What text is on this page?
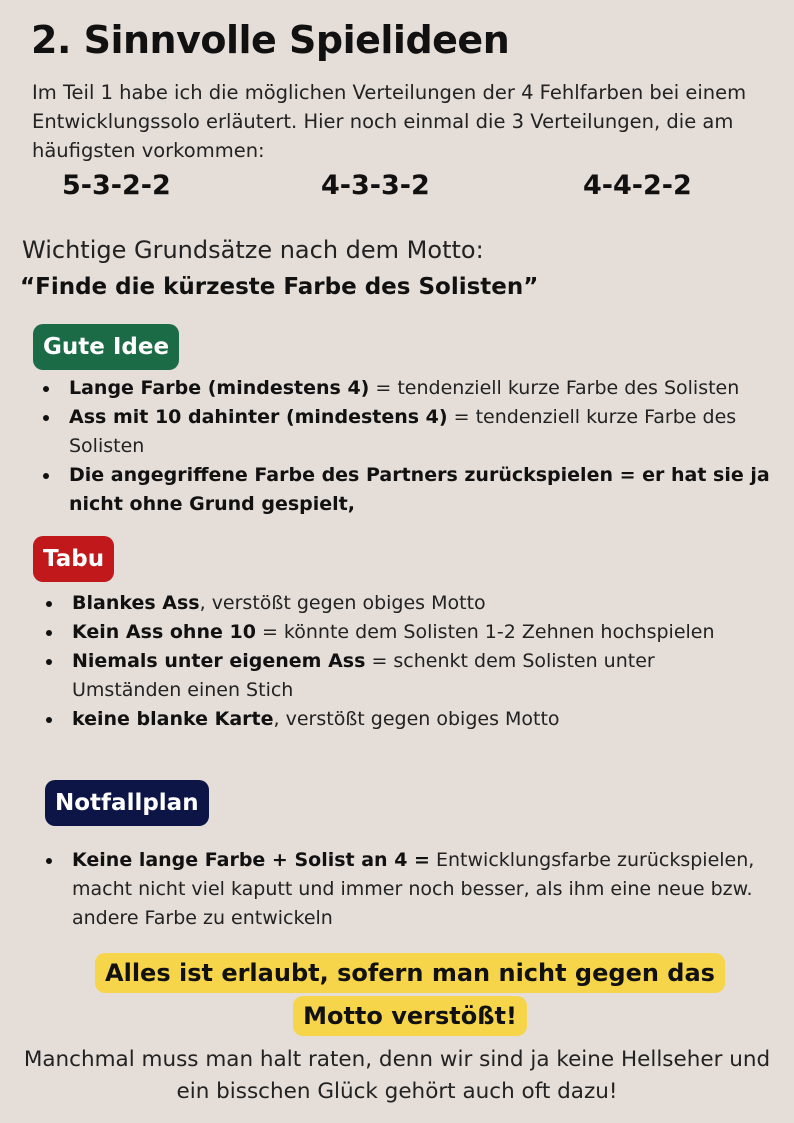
2. Sinnvolle Spielideen

Im Teil 1 habe ich die möglichen Verteilungen der 4 Fehlfarben bei einem Entwicklungssolo erläutert. Hier noch einmal die 3 Verteilungen, die am häufigsten vorkommen:

5-3-2-2	4-3-3-2	4-4-2-2
Wichtige Grundsätze nach dem Motto:
“Finde die kürzeste Farbe des Solisten”
Gute Idee
Lange Farbe (mindestens 4) = tendenziell kurze Farbe des Solisten
Ass mit 10 dahinter (mindestens 4) = tendenziell kurze Farbe des Solisten
Die angegriffene Farbe des Partners zurückspielen = er hat sie ja nicht ohne Grund gespielt,
Tabu
Blankes Ass, verstößt gegen obiges Motto
Kein Ass ohne 10 = könnte dem Solisten 1-2 Zehnen hochspielen
Niemals unter eigenem Ass = schenkt dem Solisten unter Umständen einen Stich
keine blanke Karte, verstößt gegen obiges Motto
Notfallplan
Keine lange Farbe + Solist an 4 = Entwicklungsfarbe zurückspielen, macht nicht viel kaputt und immer noch besser, als ihm eine neue bzw. andere Farbe zu entwickeln
Alles ist erlaubt, sofern man nicht gegen das Motto verstößt!
Manchmal muss man halt raten, denn wir sind ja keine Hellseher und ein bisschen Glück gehört auch oft dazu!
